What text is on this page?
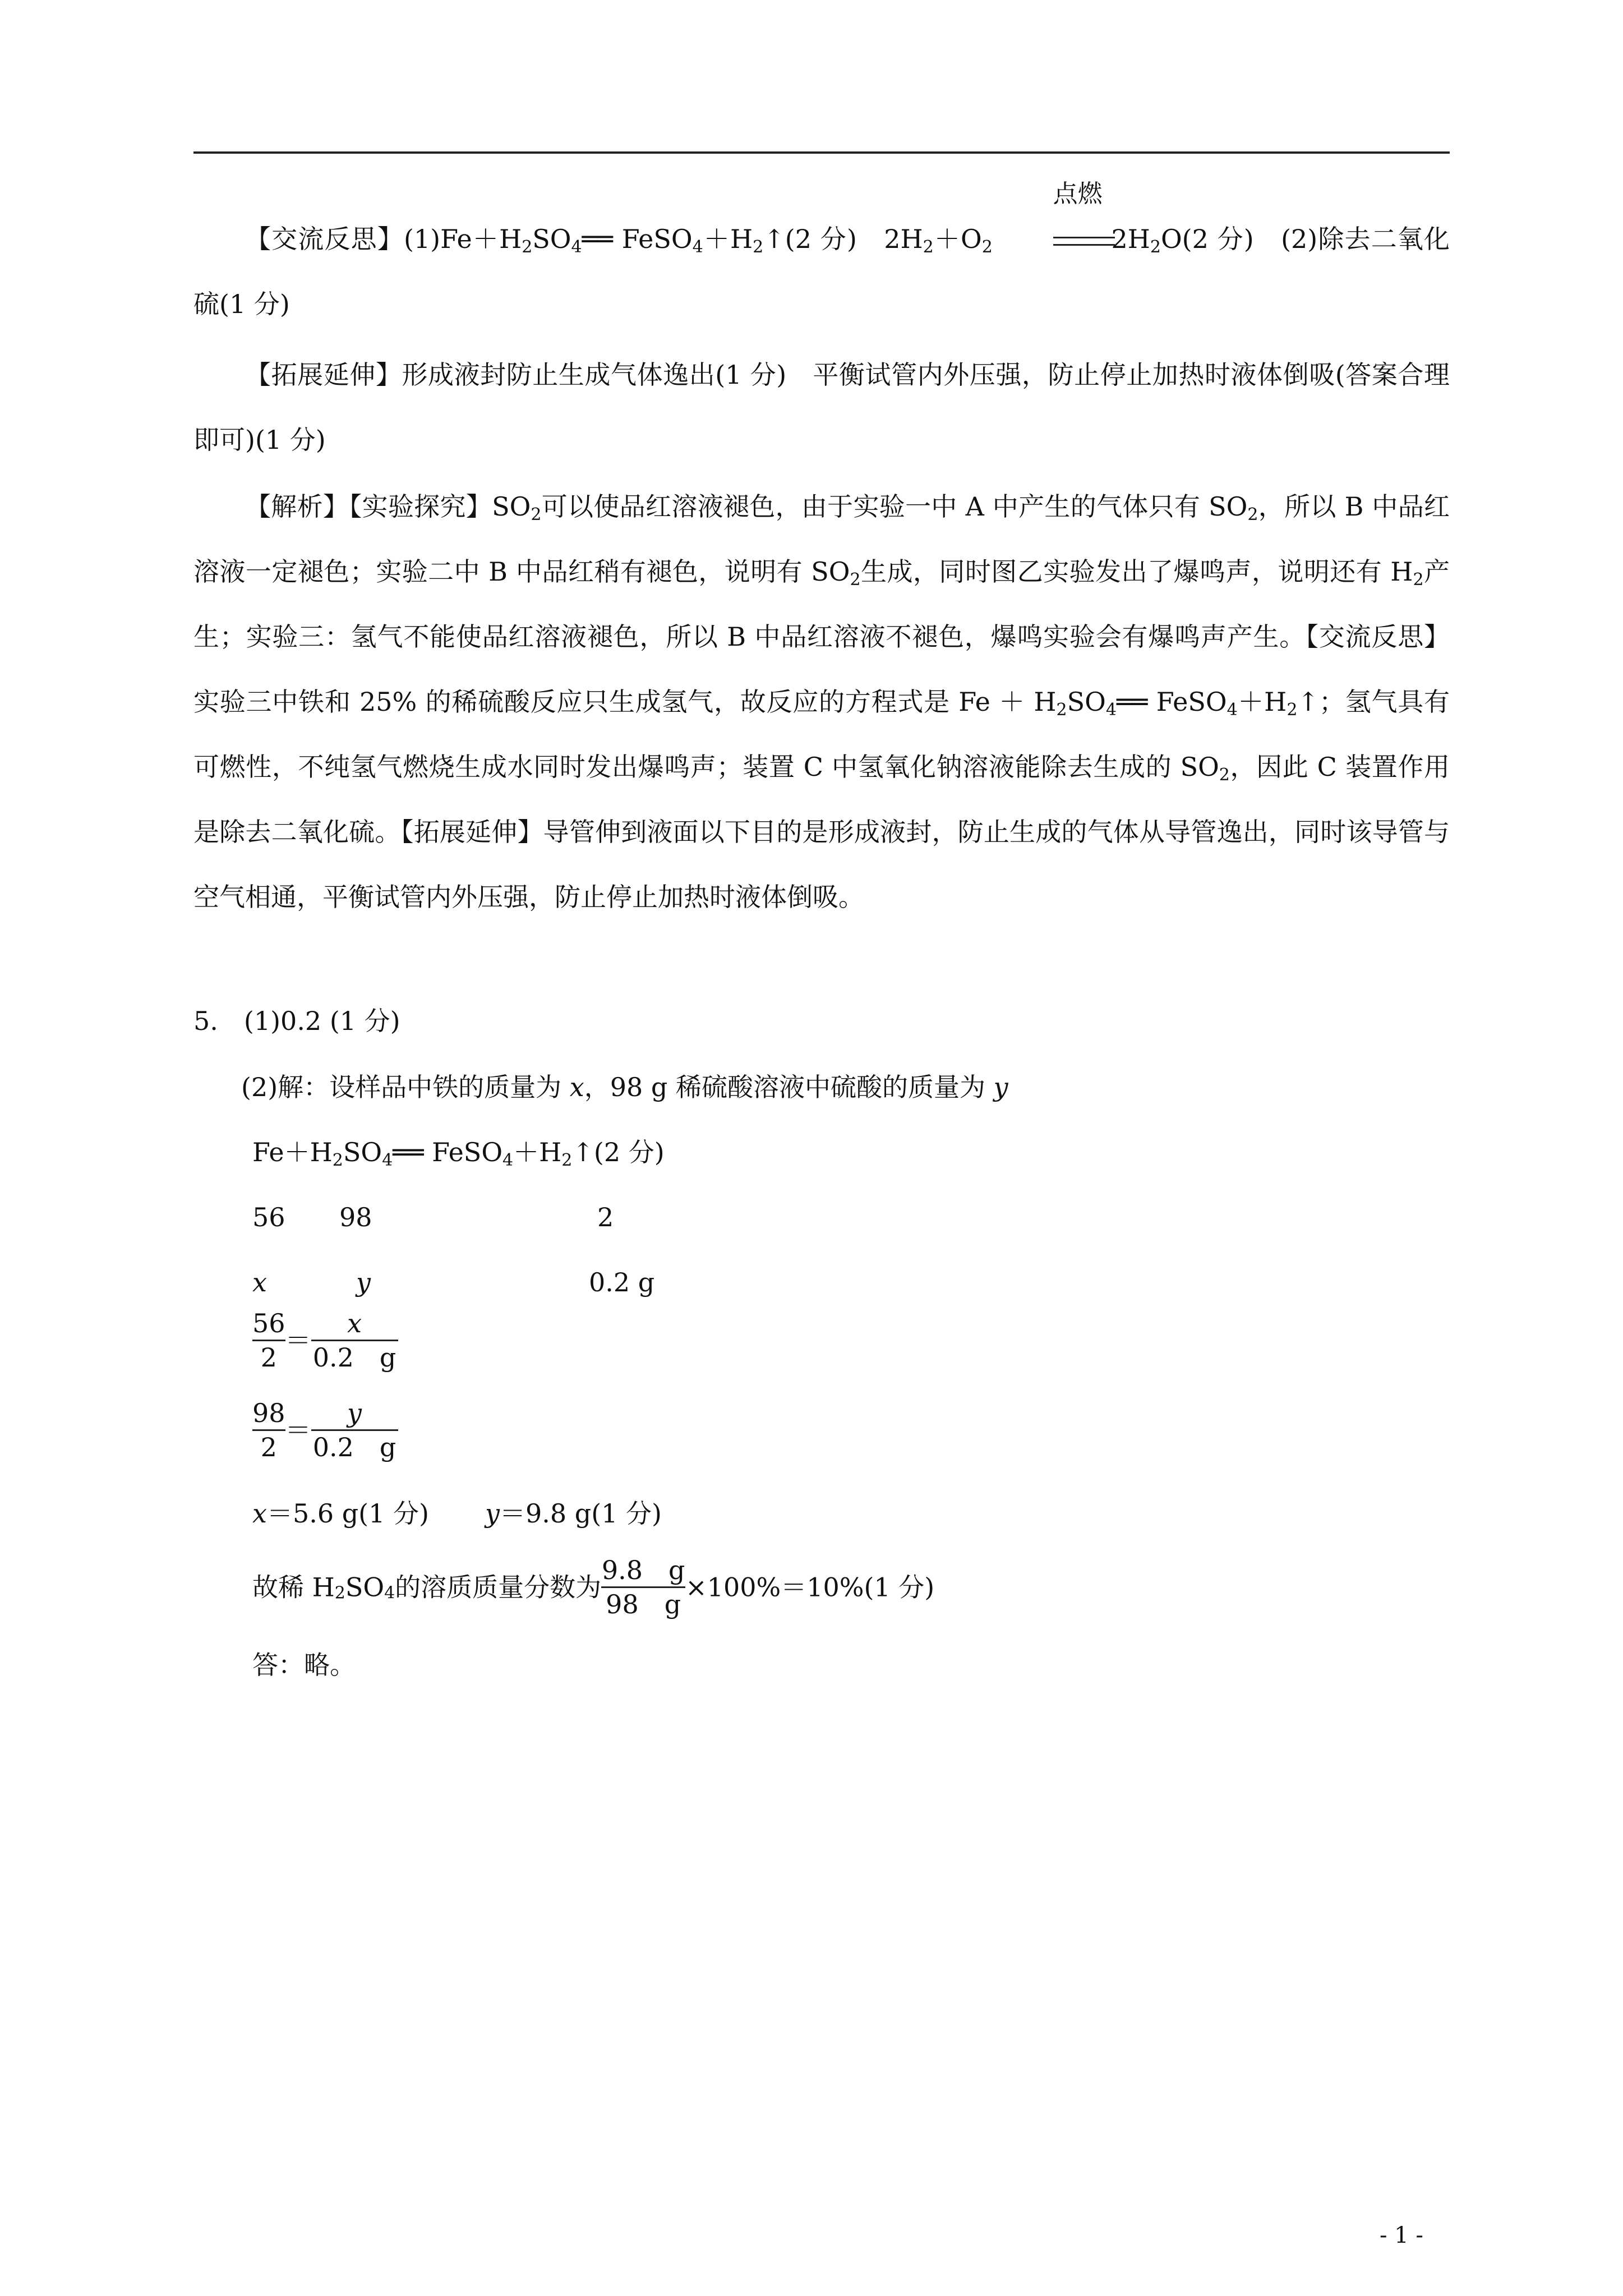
【交流反思】$(1)Fe+H_2SO_4══$ $FeSO_4+H_2↑(2$ 分)　$2H_2+O_2$
点燃
$2H_2O(2$ 分)　(2)除去二氧化硫(1 分)

【拓展延伸】形成液封防止生成气体逸出(1 分)　平衡试管内外压强，防止停止加热时液体倒吸(答案合理即可)(1 分)

【解析】【实验探究】$SO_2$可以使品红溶液褪色，由于实验一中 A 中产生的气体只有 $SO_2$，所以 B 中品红溶液一定褪色；实验二中 B 中品红稍有褪色，说明有 $SO_2$生成，同时图乙实验发出了爆鸣声，说明还有 $H_2$产生；实验三：氢气不能使品红溶液褪色，所以 B 中品红溶液不褪色，爆鸣实验会有爆鸣声产生。【交流反思】实验三中铁和 25% 的稀硫酸反应只生成氢气，故反应的方程式是 $Fe + H_2SO_4══$ $FeSO_4+H_2↑$；氢气具有可燃性，不纯氢气燃烧生成水同时发出爆鸣声；装置 C 中氢氧化钠溶液能除去生成的 $SO_2$，因此 C 装置作用是除去二氧化硫。【拓展延伸】导管伸到液面以下目的是形成液封，防止生成的气体从导管逸出，同时该导管与空气相通，平衡试管内外压强，防止停止加热时液体倒吸。

5.　(1)0.2 (1 分)
(2)解：设样品中铁的质量为 x，98 g 稀硫酸溶液中硫酸的质量为 y
$Fe+H_2SO_4══$ $FeSO_4+H_2↑(2$ 分)
56 98	2
x	y	0.2 g
$\frac{56}{2} = \frac{x}{0.2 g}$
$\frac{98}{2} = \frac{y}{0.2 g}$
x＝5.6 g(1 分) y＝9.8 g(1 分)
故稀 $H_2SO_4$的溶质质量分数为 $\frac{9.8 g}{98 g} \times 100\%=10\%(1$ 分)
答：略。
- 1 -
